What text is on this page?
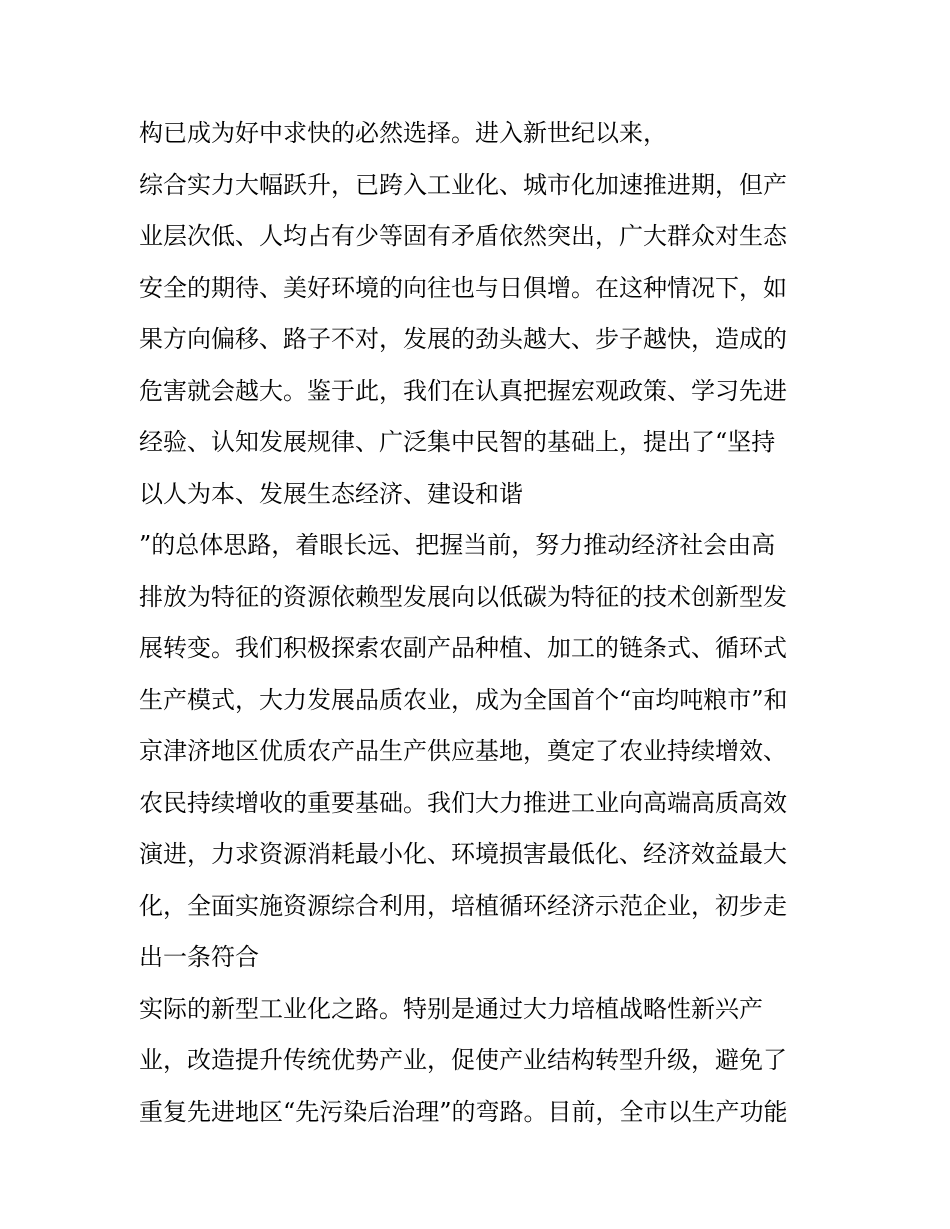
构已成为好中求快的必然选择。进入新世纪以来，
综合实力大幅跃升，已跨入工业化、城市化加速推进期，但产
业层次低、人均占有少等固有矛盾依然突出，广大群众对生态
安全的期待、美好环境的向往也与日俱增。在这种情况下，如
果方向偏移、路子不对，发展的劲头越大、步子越快，造成的
危害就会越大。鉴于此，我们在认真把握宏观政策、学习先进
经验、认知发展规律、广泛集中民智的基础上，提出了“坚持
以人为本、发展生态经济、建设和谐
”的总体思路，着眼长远、把握当前，努力推动经济社会由高
排放为特征的资源依赖型发展向以低碳为特征的技术创新型发
展转变。我们积极探索农副产品种植、加工的链条式、循环式
生产模式，大力发展品质农业，成为全国首个“亩均吨粮市”和
京津济地区优质农产品生产供应基地，奠定了农业持续增效、
农民持续增收的重要基础。我们大力推进工业向高端高质高效
演进，力求资源消耗最小化、环境损害最低化、经济效益最大
化，全面实施资源综合利用，培植循环经济示范企业，初步走
出一条符合
实际的新型工业化之路。特别是通过大力培植战略性新兴产
业，改造提升传统优势产业，促使产业结构转型升级，避免了
重复先进地区“先污染后治理”的弯路。目前，全市以生产功能
